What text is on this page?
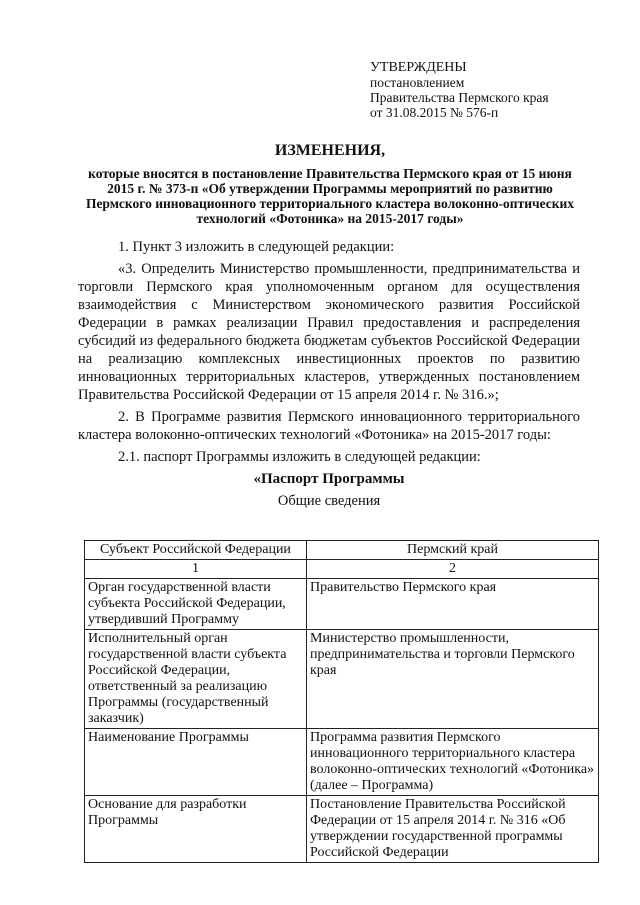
УТВЕРЖДЕНЫ
постановлением
Правительства Пермского края
от 31.08.2015 № 576-п
ИЗМЕНЕНИЯ,
которые вносятся в постановление Правительства Пермского края от 15 июня 2015 г. № 373-п «Об утверждении Программы мероприятий по развитию Пермского инновационного территориального кластера волоконно-оптических технологий «Фотоника» на 2015-2017 годы»

1. Пункт 3 изложить в следующей редакции:

«3. Определить Министерство промышленности, предпринимательства и торговли Пермского края уполномоченным органом для осуществления взаимодействия с Министерством экономического развития Российской Федерации в рамках реализации Правил предоставления и распределения субсидий из федерального бюджета бюджетам субъектов Российской Федерации на реализацию комплексных инвестиционных проектов по развитию инновационных территориальных кластеров, утвержденных постановлением Правительства Российской Федерации от 15 апреля 2014 г. № 316.»;

2. В Программе развития Пермского инновационного территориального кластера волоконно-оптических технологий «Фотоника» на 2015-2017 годы:

2.1. паспорт Программы изложить в следующей редакции:

«Паспорт Программы
Общие сведения
Субъект Российской Федерации	Пермский край
1	2
Орган государственной власти субъекта Российской Федерации, утвердивший Программу	Правительство Пермского края
Исполнительный орган государственной власти субъекта Российской Федерации, ответственный за реализацию Программы (государственный заказчик)	Министерство промышленности, предпринимательства и торговли Пермского края
Наименование Программы	Программа развития Пермского инновационного территориального кластера волоконно-оптических технологий «Фотоника» (далее – Программа)
Основание для разработки Программы	Постановление Правительства Российской Федерации от 15 апреля 2014 г. № 316 «Об утверждении государственной программы Российской Федерации
